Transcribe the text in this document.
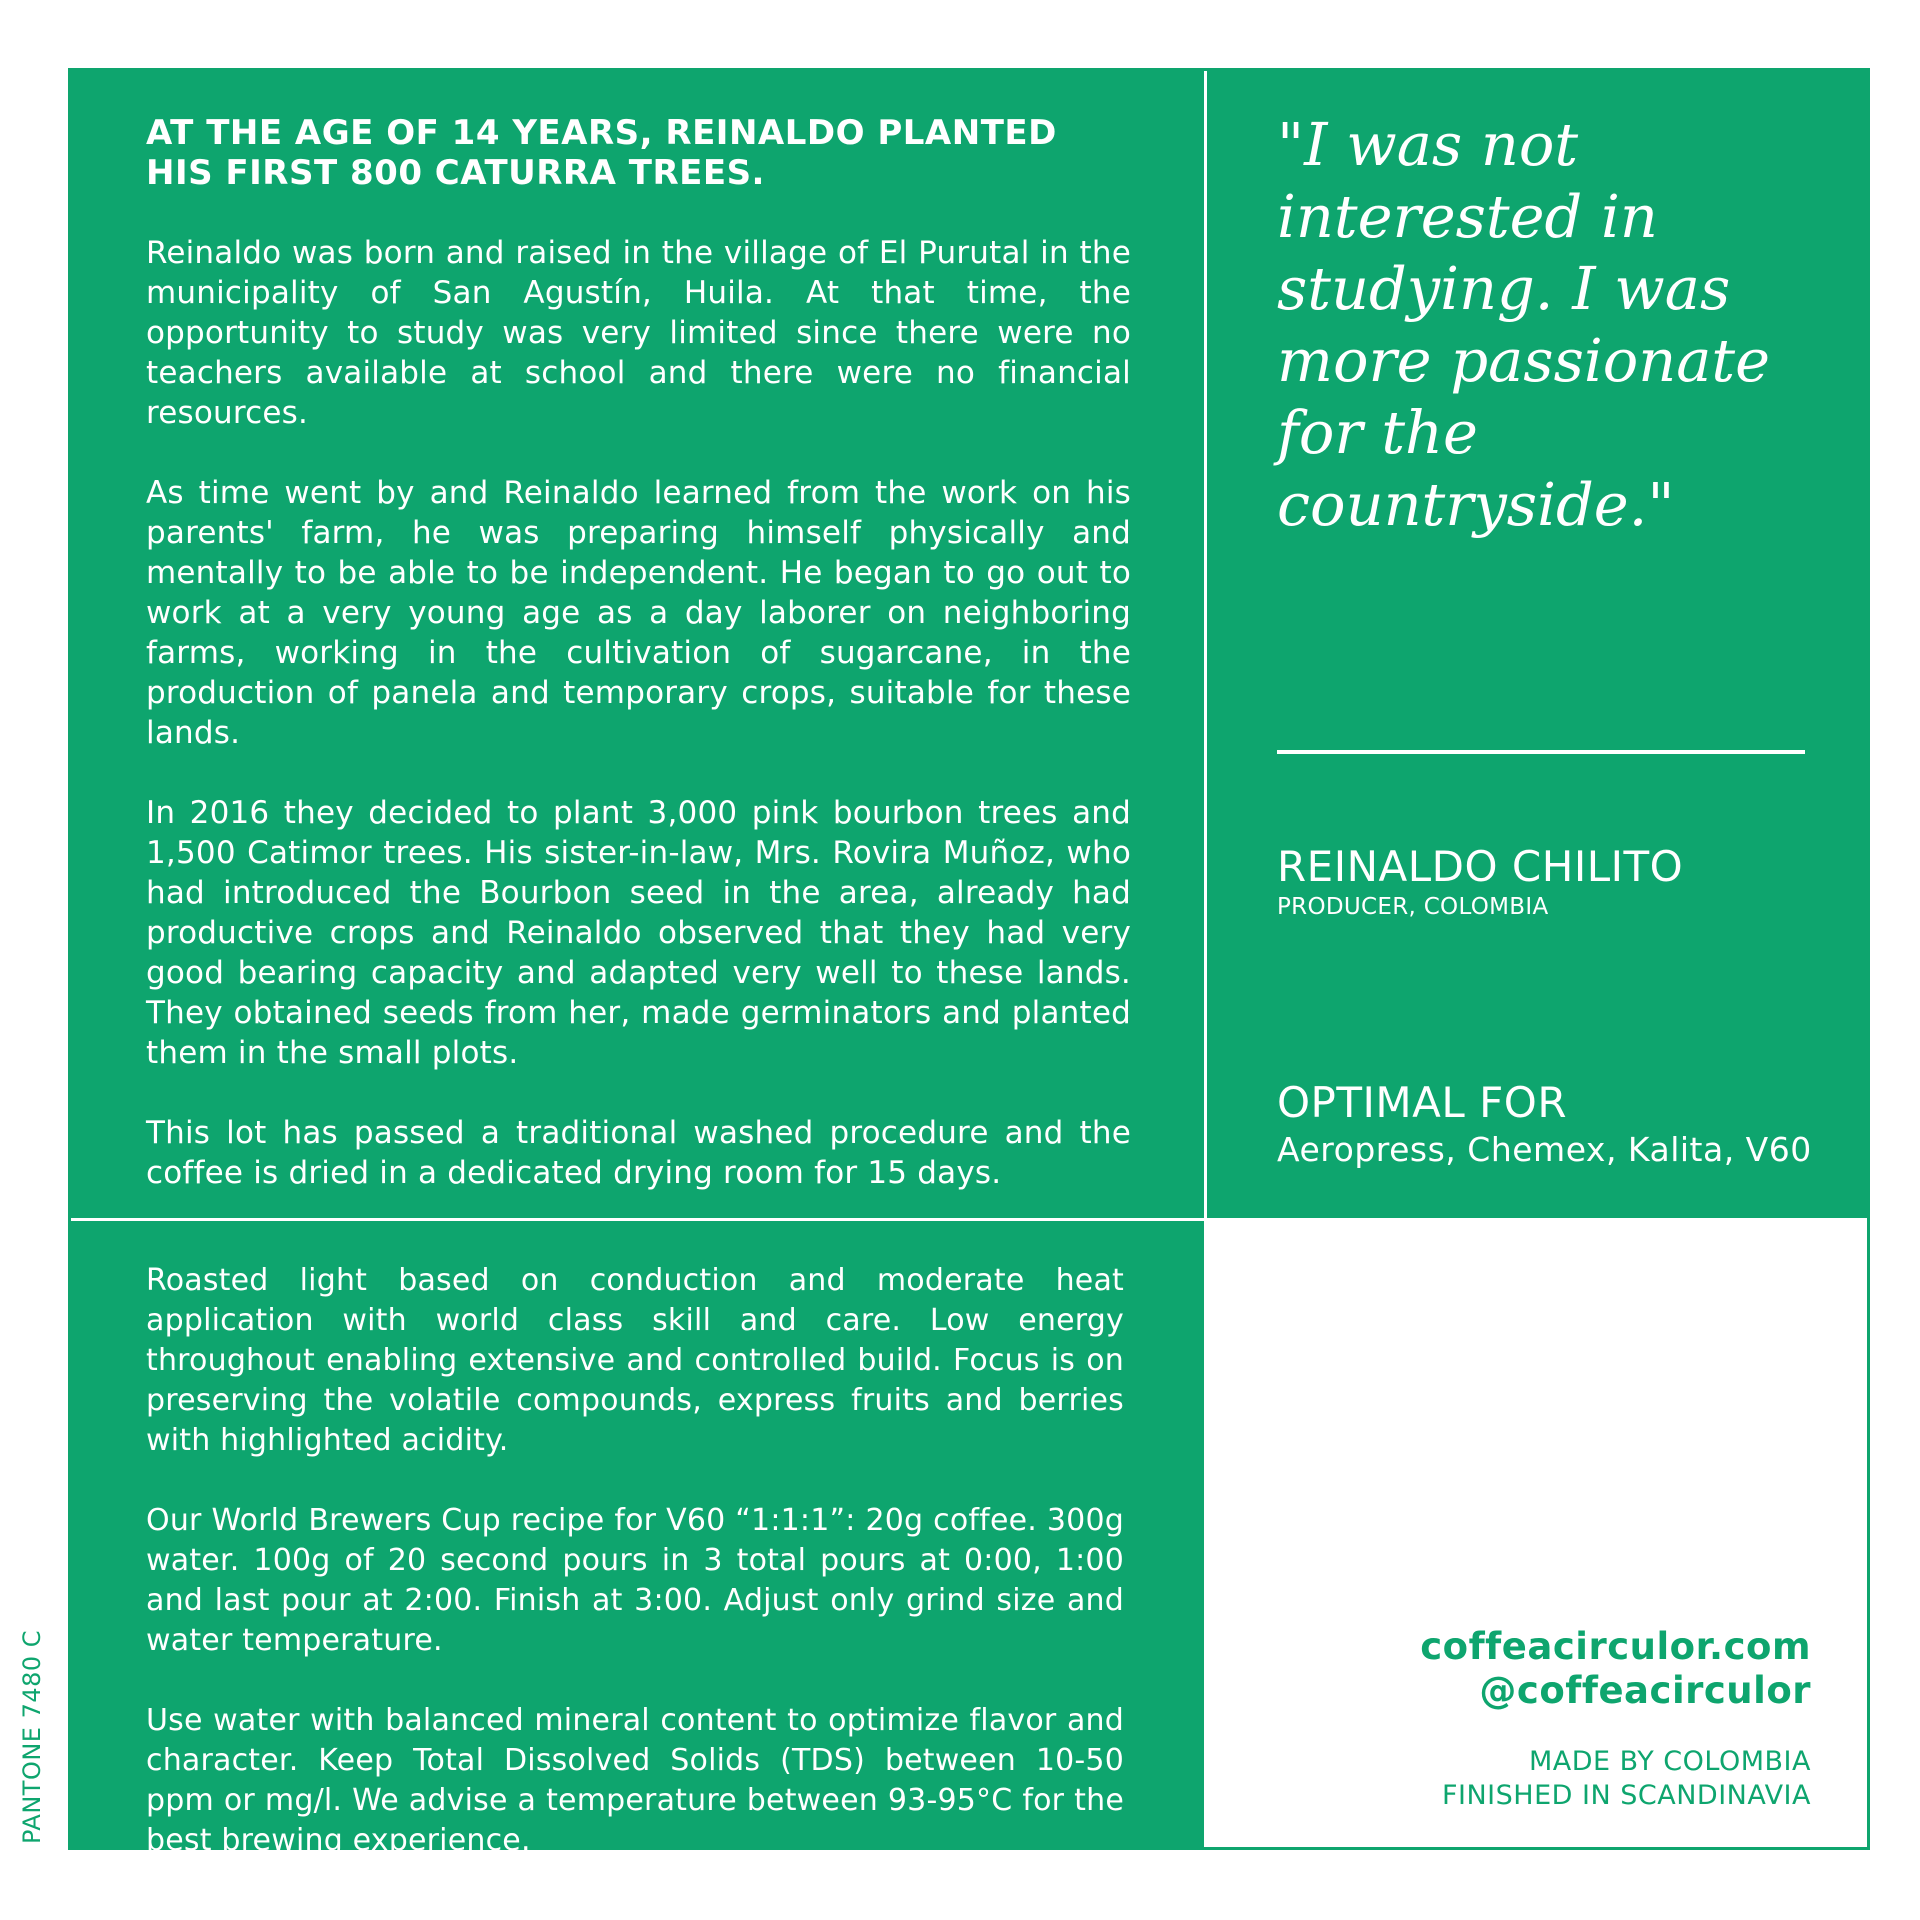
AT THE AGE OF 14 YEARS, REINALDO PLANTED HIS FIRST 800 CATURRA TREES.

Reinaldo was born and raised in the village of El Purutal in the municipality of San Agustín, Huila. At that time, the opportunity to study was very limited since there were no teachers available at school and there were no financial resources.

As time went by and Reinaldo learned from the work on his parents' farm, he was preparing himself physically and mentally to be able to be independent. He began to go out to work at a very young age as a day laborer on neighboring farms, working in the cultivation of sugarcane, in the production of panela and temporary crops, suitable for these lands.

In 2016 they decided to plant 3,000 pink bourbon trees and 1,500 Catimor trees. His sister-in-law, Mrs. Rovira Muñoz, who had introduced the Bourbon seed in the area, already had productive crops and Reinaldo observed that they had very good bearing capacity and adapted very well to these lands. They obtained seeds from her, made germinators and planted them in the small plots.

This lot has passed a traditional washed procedure and the coffee is dried in a dedicated drying room for 15 days.

"I was not interested in studying. I was more passionate for the countryside."
REINALDO CHILITO
PRODUCER, COLOMBIA
OPTIMAL FOR
Aeropress, Chemex, Kalita, V60

Roasted light based on conduction and moderate heat application with world class skill and care. Low energy throughout enabling extensive and controlled build. Focus is on preserving the volatile compounds, express fruits and berries with highlighted acidity.

Our World Brewers Cup recipe for V60 “1:1:1”: 20g coffee. 300g water. 100g of 20 second pours in 3 total pours at 0:00, 1:00 and last pour at 2:00. Finish at 3:00. Adjust only grind size and water temperature.

Use water with balanced mineral content to optimize flavor and character. Keep Total Dissolved Solids (TDS) between 10-50 ppm or mg/l. We advise a temperature between 93-95°C for the best brewing experience.

coffeacirculor.com
@coffeacirculor
MADE BY COLOMBIA
FINISHED IN SCANDINAVIA
PANTONE 7480 C
